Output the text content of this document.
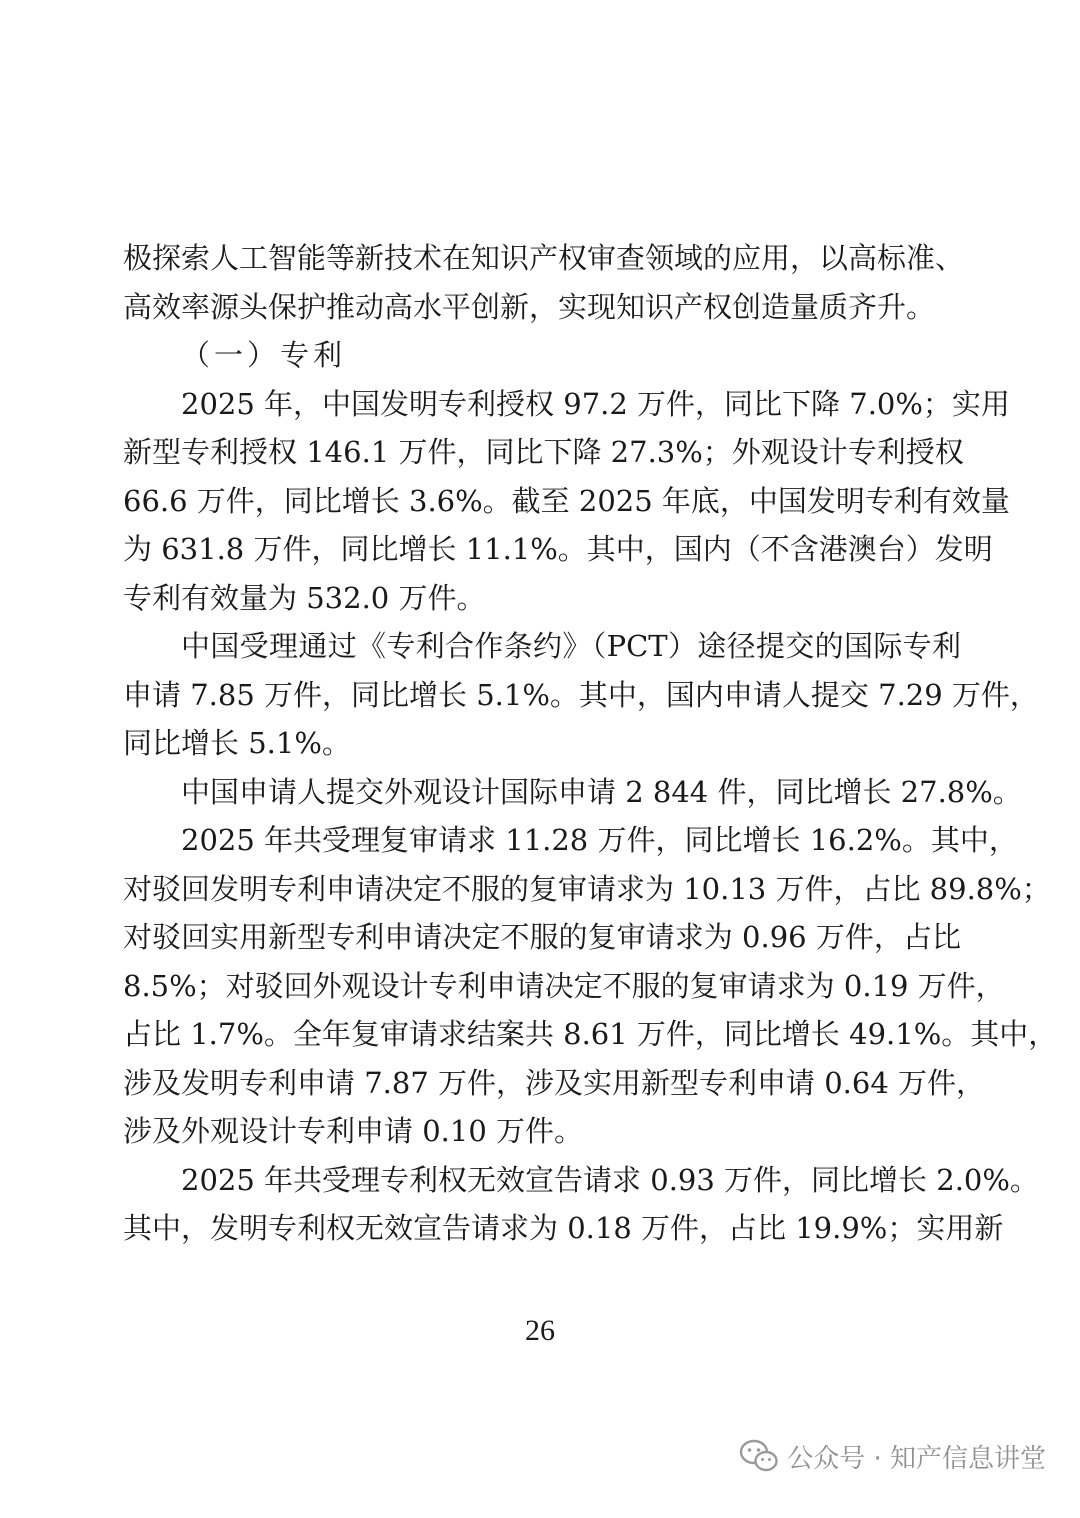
极探索人工智能等新技术在知识产权审查领域的应用，以高标准、
高效率源头保护推动高水平创新，实现知识产权创造量质齐升。
（一）专利
2025 年，中国发明专利授权 97.2 万件，同比下降 7.0%；实用
新型专利授权 146.1 万件，同比下降 27.3%；外观设计专利授权
66.6 万件，同比增长 3.6%。截至 2025 年底，中国发明专利有效量
为 631.8 万件，同比增长 11.1%。其中，国内（不含港澳台）发明
专利有效量为 532.0 万件。
中国受理通过《专利合作条约》（PCT）途径提交的国际专利
申请 7.85 万件，同比增长 5.1%。其中，国内申请人提交 7.29 万件，
同比增长 5.1%。
中国申请人提交外观设计国际申请 2 844 件，同比增长 27.8%。
2025 年共受理复审请求 11.28 万件，同比增长 16.2%。其中，
对驳回发明专利申请决定不服的复审请求为 10.13 万件，占比 89.8%；
对驳回实用新型专利申请决定不服的复审请求为 0.96 万件，占比
8.5%；对驳回外观设计专利申请决定不服的复审请求为 0.19 万件，
占比 1.7%。全年复审请求结案共 8.61 万件，同比增长 49.1%。其中，
涉及发明专利申请 7.87 万件，涉及实用新型专利申请 0.64 万件，
涉及外观设计专利申请 0.10 万件。
2025 年共受理专利权无效宣告请求 0.93 万件，同比增长 2.0%。
其中，发明专利权无效宣告请求为 0.18 万件，占比 19.9%；实用新
26
公众号 · 知产信息讲堂
